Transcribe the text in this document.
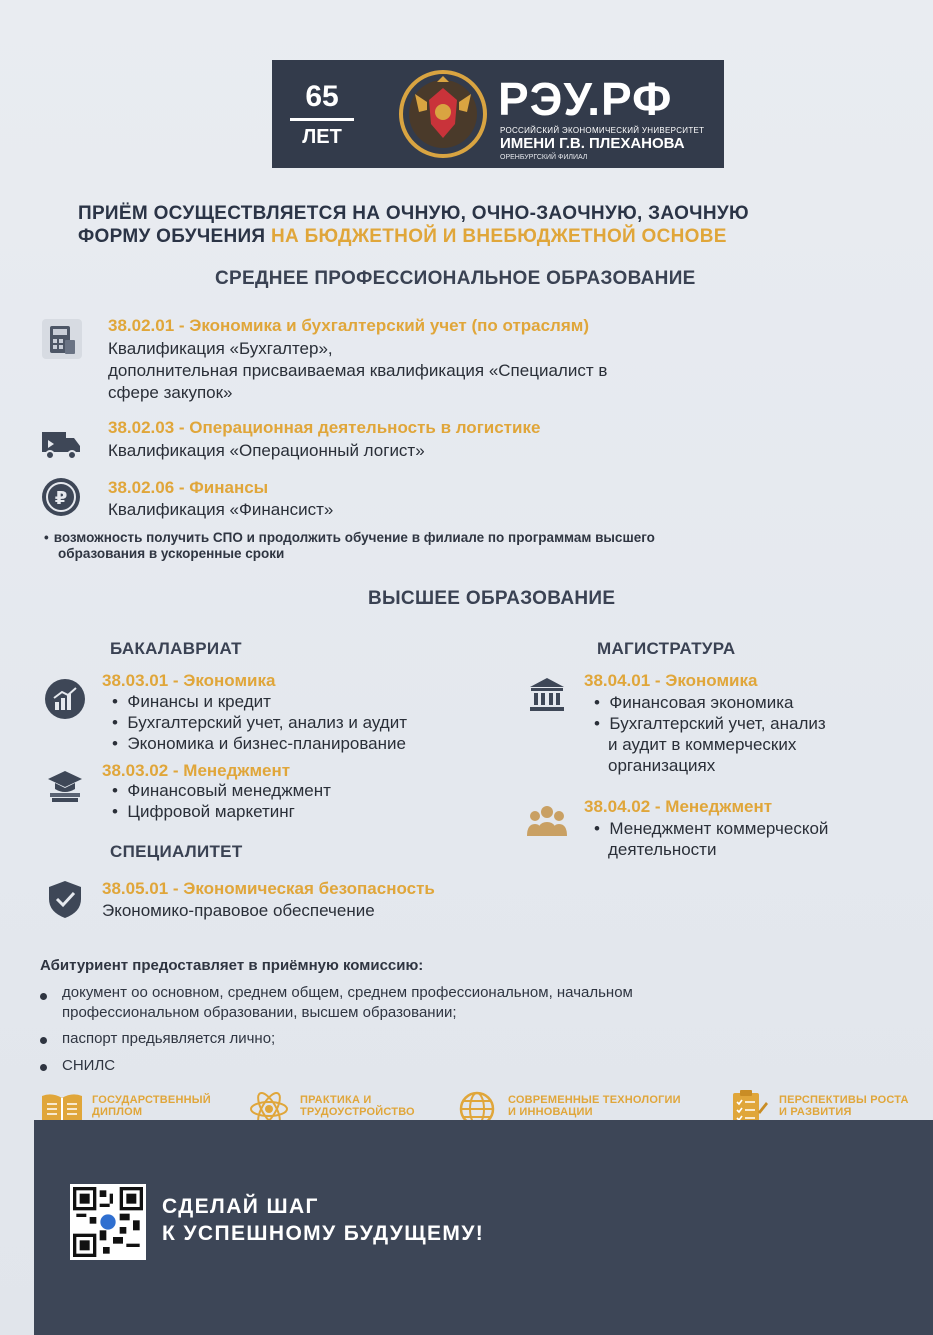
65
ЛЕТ
РЭУ.РФ
РОССИЙСКИЙ ЭКОНОМИЧЕСКИЙ УНИВЕРСИТЕТ
ИМЕНИ Г.В. ПЛЕХАНОВА
ОРЕНБУРГСКИЙ ФИЛИАЛ
ПРИЁМ ОСУЩЕСТВЛЯЕТСЯ НА ОЧНУЮ, ОЧНО-ЗАОЧНУЮ, ЗАОЧНУЮ
ФОРМУ ОБУЧЕНИЯ НА БЮДЖЕТНОЙ И ВНЕБЮДЖЕТНОЙ ОСНОВЕ
СРЕДНЕЕ ПРОФЕССИОНАЛЬНОЕ ОБРАЗОВАНИЕ
38.02.01 - Экономика и бухгалтерский учет (по отраслям)
Квалификация «Бухгалтер»,
дополнительная присваиваемая квалификация «Специалист в
сфере закупок»
38.02.03 - Операционная деятельность в логистике
Квалификация «Операционный логист»
₽
38.02.06 - Финансы
Квалификация «Финансист»
• возможность получить СПО и продолжить обучение в филиале по программам высшего
образования в ускоренные сроки
ВЫСШЕЕ ОБРАЗОВАНИЕ
БАКАЛАВРИАТ
38.03.01 - Экономика
•  Финансы и кредит
•  Бухгалтерский учет, анализ и аудит
•  Экономика и бизнес-планирование
38.03.02 - Менеджмент
•  Финансовый менеджмент
•  Цифровой маркетинг
СПЕЦИАЛИТЕТ
38.05.01 - Экономическая безопасность
Экономико-правовое обеспечение
МАГИСТРАТУРА
38.04.01 - Экономика
•  Финансовая экономика
•  Бухгалтерский учет, анализ
и аудит в коммерческих
организациях
38.04.02 - Менеджмент
•  Менеджмент коммерческой
деятельности
Абитуриент предоставляет в приёмную комиссию:
документ оо основном, среднем общем, среднем профессиональном, начальном
профессиональном образовании, высшем образовании;
паспорт предьявляется лично;
СНИЛС
ГОСУДАРСТВЕННЫЙ
ДИПЛОМ
ПРАКТИКА И
ТРУДОУСТРОЙСТВО
СОВРЕМЕННЫЕ ТЕХНОЛОГИИ
И ИННОВАЦИИ
ПЕРСПЕКТИВЫ РОСТА
И РАЗВИТИЯ
СДЕЛАЙ ШАГ
К УСПЕШНОМУ БУДУЩЕМУ!
